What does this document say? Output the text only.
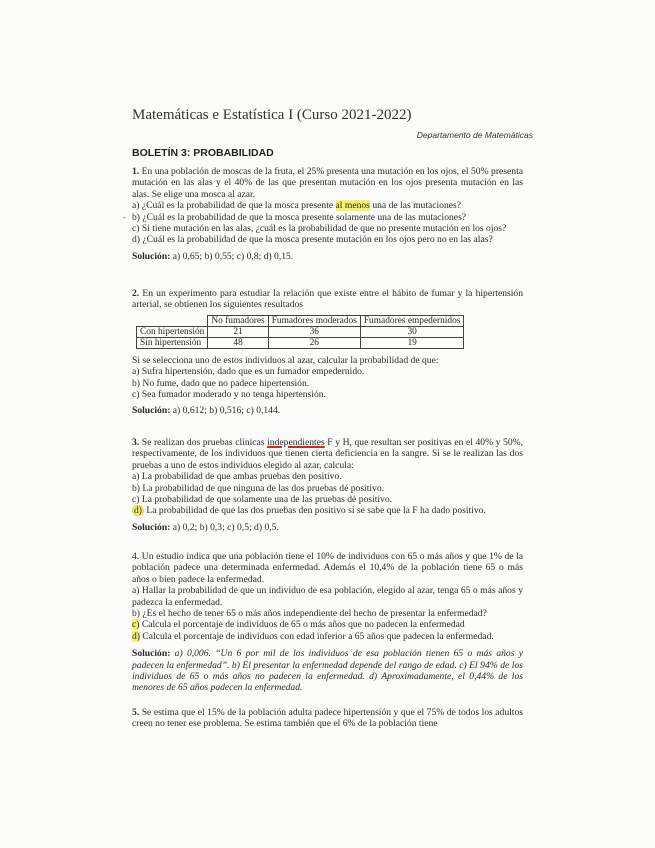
Matemáticas e Estatística I (Curso 2021-2022)
Departamento de Matemáticas
BOLETÍN 3: PROBABILIDAD

1. En una población de moscas de la fruta, el 25% presenta una mutación en los ojos, el 50% presenta mutación en las alas y el 40% de las que presentan mutación en los ojos presenta mutación en las alas. Se elige una mosca al azar.

a) ¿Cuál es la probabilidad de que la mosca presente al menos una de las mutaciones?

- b) ¿Cuál es la probabilidad de que la mosca presente solamente una de las mutaciones?

c) Si tiene mutación en las alas, ¿cuál es la probabilidad de que no presente mutación en los ojos?

d) ¿Cuál es la probabilidad de que la mosca presente mutación en los ojos pero no en las alas?

Solución: a) 0,65; b) 0,55; c) 0,8; d) 0,15.

2. En un experimento para estudiar la relación que existe entre el hábito de fumar y la hipertensión arterial, se obtienen los siguientes resultados

	No fumadores	Fumadores moderados	Fumadores empedernidos
Con hipertensión	21	36	30
Sin hipertensión	48	26	19

Si se selecciona uno de estos individuos al azar, calcular la probabilidad de que:

a) Sufra hipertensión, dado que es un fumador empedernido.

b) No fume, dado que no padece hipertensión.

c) Sea fumador moderado y no tenga hipertensión.

Solución: a) 0,612; b) 0,516; c) 0,144.

3. Se realizan dos pruebas clínicas independientes F y H, que resultan ser positivas en el 40% y 50%, respectivamente, de los individuos que tienen cierta deficiencia en la sangre. Si se le realizan las dos pruebas a uno de estos individuos elegido al azar, calcula:

a) La probabilidad de que ambas pruebas den positivo.

b) La probabilidad de que ninguna de las dos pruebas dé positivo.

c) La probabilidad de que solamente una de las pruebas dé positivo.

d) La probabilidad de que las dos pruebas den positivo si se sabe que la F ha dado positivo.

Solución: a) 0,2; b) 0,3; c) 0,5; d) 0,5.

4. Un estudio indica que una población tiene el 10% de individuos con 65 o más años y que 1% de la población padece una determinada enfermedad. Además el 10,4% de la población tiene 65 o más años o bien padece la enfermedad.

a) Hallar la probabilidad de que un individuo de esa población, elegido al azar, tenga 65 o más años y padezca la enfermedad.

b) ¿Es el hecho de tener 65 o más años independiente del hecho de presentar la enfermedad?

c) Calcula el porcentaje de individuos de 65 o más años que no padecen la enfermedad

d) Calcula el porcentaje de individuos con edad inferior a 65 años que padecen la enfermedad.

Solución: a) 0,006. “Un 6 por mil de los individuos de esa población tienen 65 o más años y padecen la enfermedad”. b) El presentar la enfermedad depende del rango de edad. c) El 94% de los individuos de 65 o más años no padecen la enfermedad. d) Aproximadamente, el 0,44% de los menores de 65 años padecen la enfermedad.

5. Se estima que el 15% de la población adulta padece hipertensión y que el 75% de todos los adultos creen no tener ese problema. Se estima también que el 6% de la población tiene
